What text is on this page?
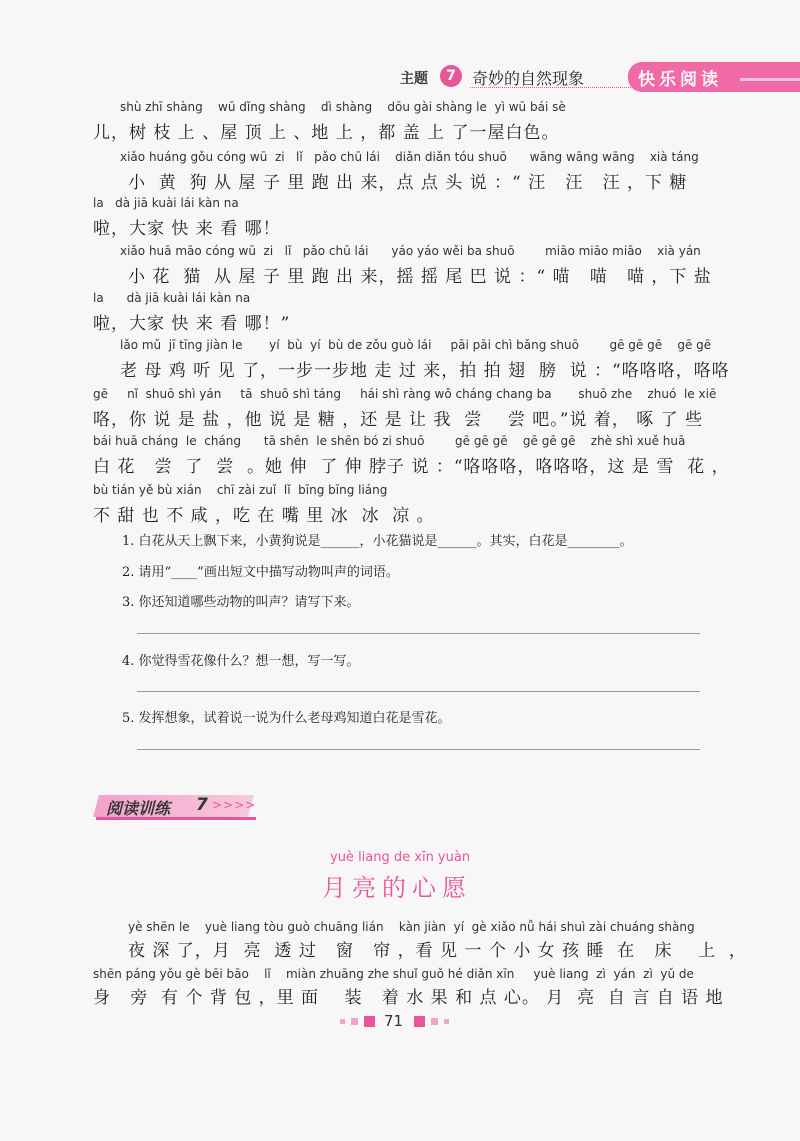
主题	7	奇妙的自然现象	快乐阅读
shù zhī shàng    wū dǐng shàng    dì shàng    dōu gài shàng le  yì wū bái sè
儿，树 枝 上 、屋 顶 上 、地 上 ，都 盖 上 了一屋白色。
xiǎo huáng gǒu cóng wū  zi   lǐ   pǎo chū lái    diǎn diǎn tóu shuō      wāng wāng wāng    xià táng
小  黄  狗 从 屋 子 里 跑 出 来，点 点 头 说 ：“ 汪   汪   汪 ，下 糖
la   dà jiā kuài lái kàn na
啦，大家 快 来 看 哪！
xiǎo huā māo cóng wū  zi   lǐ   pǎo chū lái      yáo yáo wěi ba shuō        miāo miāo miāo    xià yán
小 花  猫  从 屋 子 里 跑 出 来，摇 摇 尾 巴 说 ：“ 喵   喵   喵 ，下 盐
la      dà jiā kuài lái kàn na
啦，大家 快 来 看 哪！”
lǎo mǔ  jī tīng jiàn le       yí  bù  yí  bù de zǒu guò lái     pāi pāi chì bǎng shuō        gē gē gē    gē gē
老 母 鸡 听 见 了，一步一步地 走 过 来，拍 拍 翅  膀  说 ：“咯咯咯，咯咯
gē     nǐ  shuō shì yán     tā  shuō shì táng     hái shì ràng wǒ cháng chang ba       shuō zhe    zhuó  le xiē
咯，你 说 是 盐 ，他 说 是 糖 ，还 是 让 我  尝    尝 吧。”说 着， 啄 了 些
bái huā cháng  le  cháng      tā shēn  le shēn bó zi shuō        gē gē gē    gē gē gē    zhè shì xuě huā
白 花   尝  了  尝  。她 伸  了 伸 脖子 说 ：“咯咯咯，咯咯咯，这 是 雪  花 ，
bù tián yě bù xián    chī zài zuǐ  lǐ  bīng bīng liáng
不 甜 也 不 咸 ，吃 在 嘴 里 冰  冰  凉 。
1. 白花从天上飘下来，小黄狗说是______，小花猫说是______。其实，白花是________。
2. 请用“____”画出短文中描写动物叫声的词语。
3. 你还知道哪些动物的叫声？请写下来。
4. 你觉得雪花像什么？想一想，写一写。
5. 发挥想象，试着说一说为什么老母鸡知道白花是雪花。
阅读训练 7 >>>>
yuè liang de xīn yuàn
月亮的心愿
yè shēn le    yuè liang tòu guò chuāng lián    kàn jiàn  yí  gè xiǎo nǚ hái shuì zài chuáng shàng
夜 深 了，月  亮  透 过   窗   帘 ，看 见 一 个 小 女 孩 睡  在   床    上  ，
shēn páng yǒu gè bēi bāo    lǐ    miàn zhuāng zhe shuǐ guǒ hé diǎn xīn     yuè liang  zì  yán  zì  yǔ de
身   旁  有 个 背 包 ，里 面    装   着 水 果 和 点 心。 月  亮  自 言 自 语 地
71
